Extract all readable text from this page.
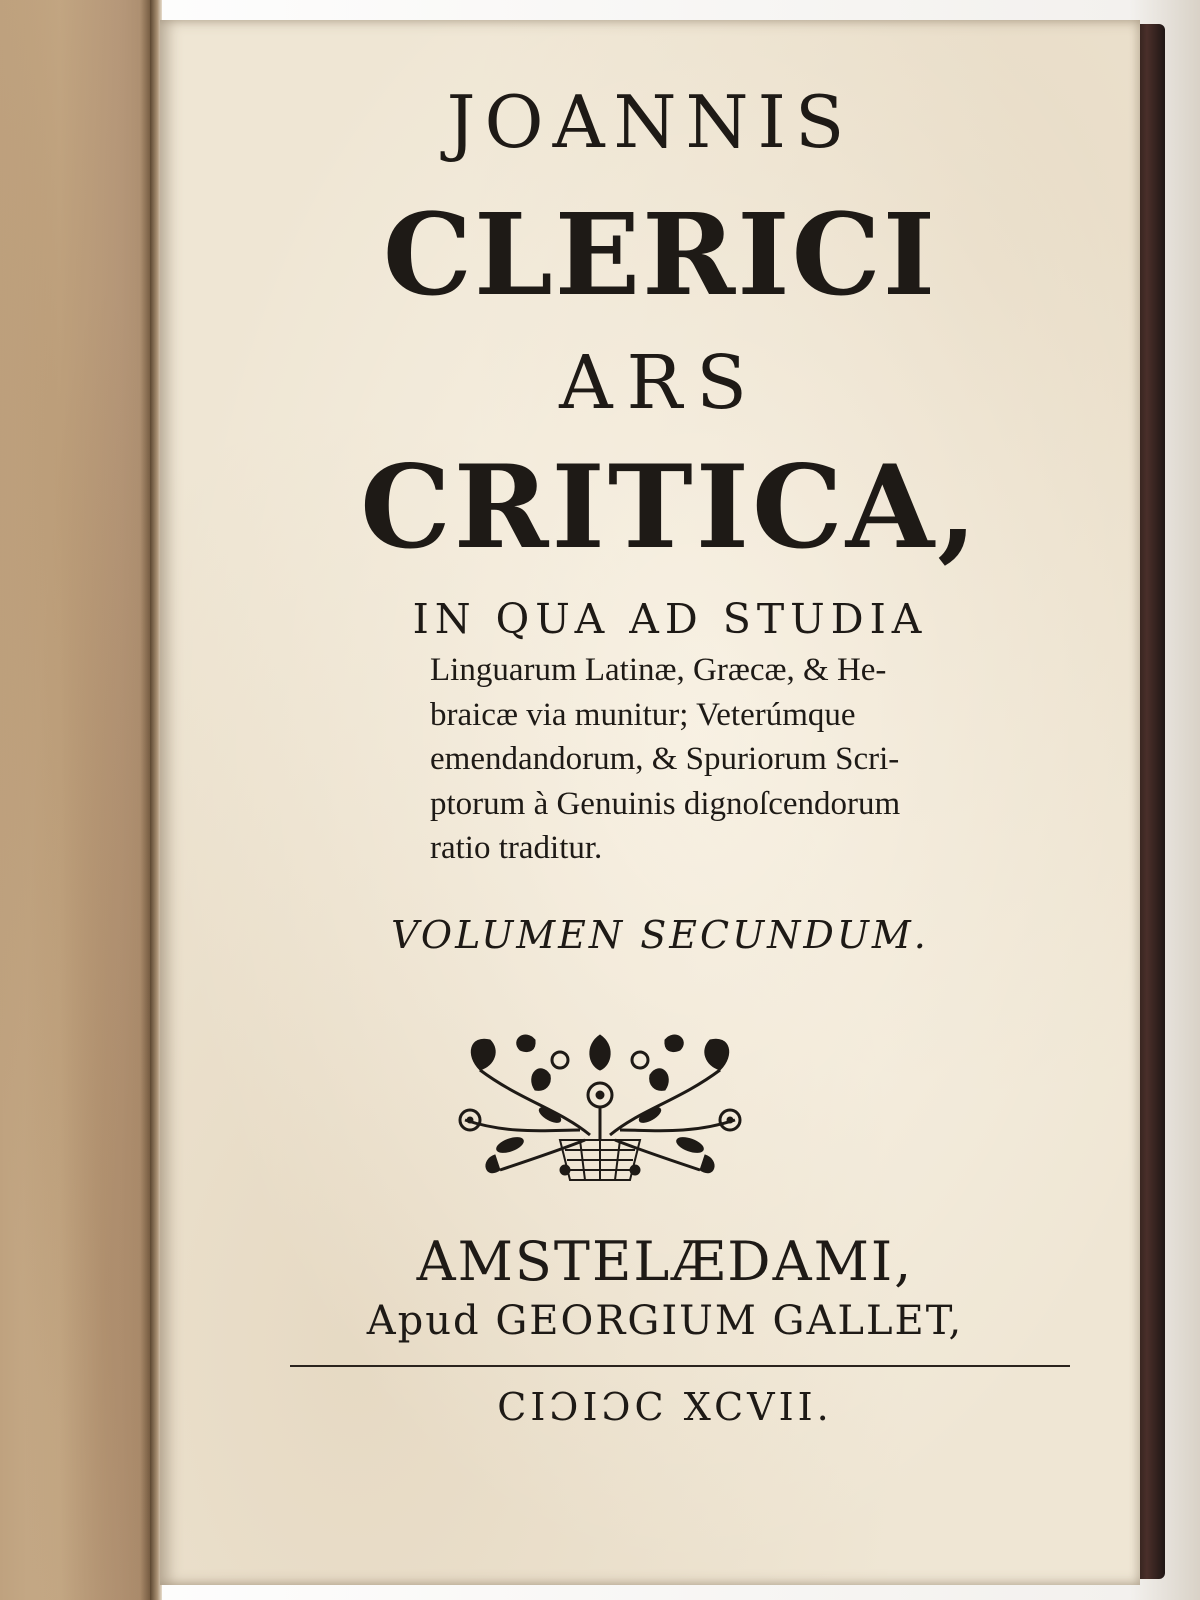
JOANNIS
CLERICI
ARS
CRITICA,
IN QUA AD STUDIA
Linguarum Latinæ, Græcæ, & He-
braicæ via munitur; Veterúmque
emendandorum, & Spuriorum Scri-
ptorum à Genuinis dignoſcendorum
ratio traditur.
VOLUMEN SECUNDUM.
AMSTELÆDAMI,
Apud GEORGIUM GALLET,
CIƆIƆC XCVII.
